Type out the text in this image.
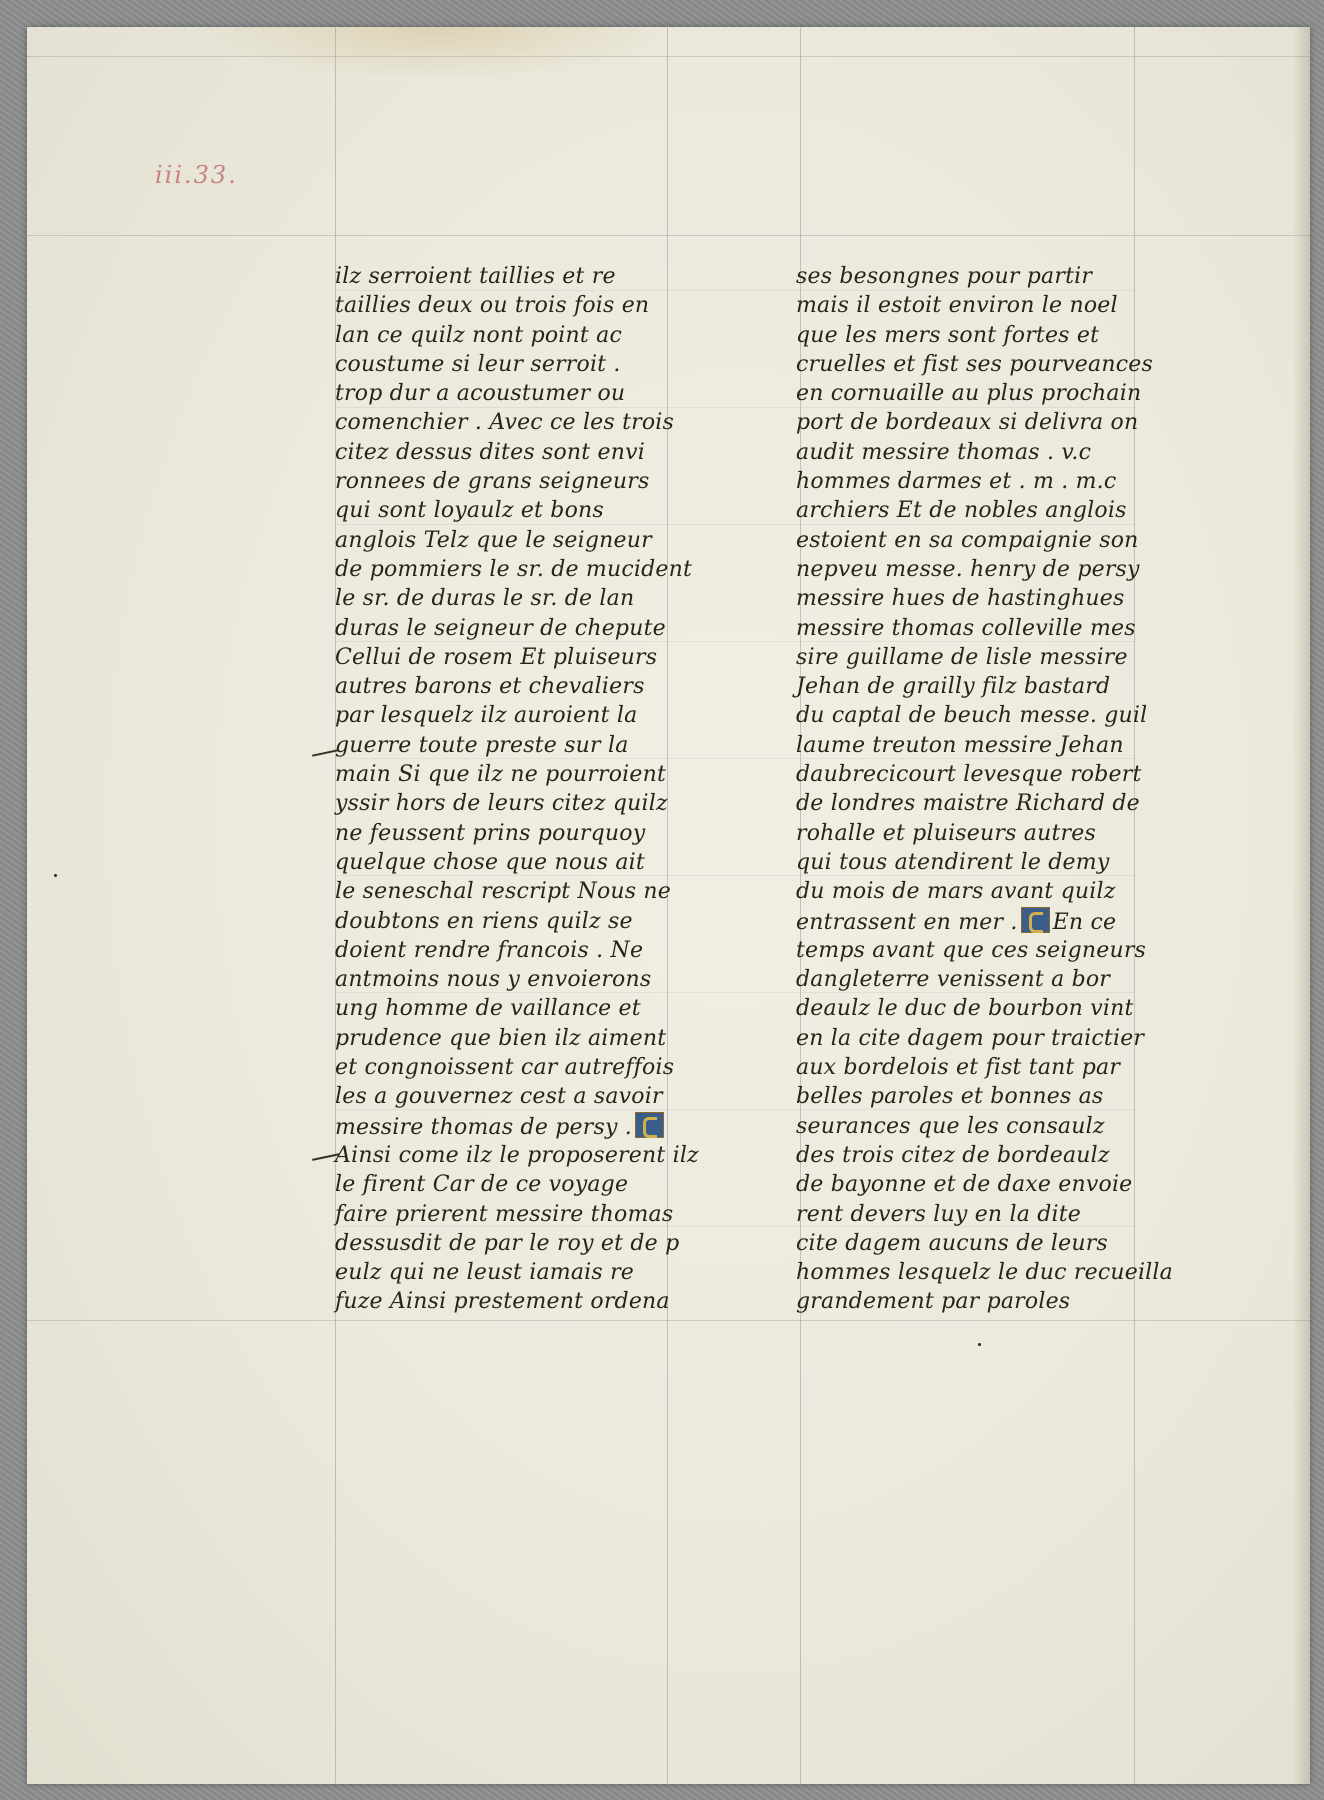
iii.33.
ilz serroient taillies et re
taillies deux ou trois fois en
lan ce quilz nont point ac
coustume si leur serroit .
trop dur a acoustumer ou
comenchier . Avec ce les trois
citez dessus dites sont envi
ronnees de grans seigneurs
qui sont loyaulz et bons
anglois Telz que le seigneur
de pommiers le sr. de mucident
le sr. de duras le sr. de lan
duras le seigneur de chepute
Cellui de rosem Et pluiseurs
autres barons et chevaliers
par lesquelz ilz auroient la
guerre toute preste sur la
main Si que ilz ne pourroient
yssir hors de leurs citez quilz
ne feussent prins pourquoy
quelque chose que nous ait
le seneschal rescript Nous ne
doubtons en riens quilz se
doient rendre francois . Ne
antmoins nous y envoierons
ung homme de vaillance et
prudence que bien ilz aiment
et congnoissent car autreffois
les a gouvernez cest a savoir
messire thomas de persy .
Ainsi come ilz le proposerent ilz
le firent Car de ce voyage
faire prierent messire thomas
dessusdit de par le roy et de p
eulz qui ne leust iamais re
fuze Ainsi prestement ordena
ses besongnes pour partir
mais il estoit environ le noel
que les mers sont fortes et
cruelles et fist ses pourveances
en cornuaille au plus prochain
port de bordeaux si delivra on
audit messire thomas . v.c
hommes darmes et . m . m.c
archiers Et de nobles anglois
estoient en sa compaignie son
nepveu messe. henry de persy
messire hues de hastinghues
messire thomas colleville mes
sire guillame de lisle messire
Jehan de grailly filz bastard
du captal de beuch messe. guil
laume treuton messire Jehan
daubrecicourt levesque robert
de londres maistre Richard de
rohalle et pluiseurs autres
qui tous atendirent le demy
du mois de mars avant quilz
entrassent en mer . En ce
temps avant que ces seigneurs
dangleterre venissent a bor
deaulz le duc de bourbon vint
en la cite dagem pour traictier
aux bordelois et fist tant par
belles paroles et bonnes as
seurances que les consaulz
des trois citez de bordeaulz
de bayonne et de daxe envoie
rent devers luy en la dite
cite dagem aucuns de leurs
hommes lesquelz le duc recueilla
grandement par paroles
